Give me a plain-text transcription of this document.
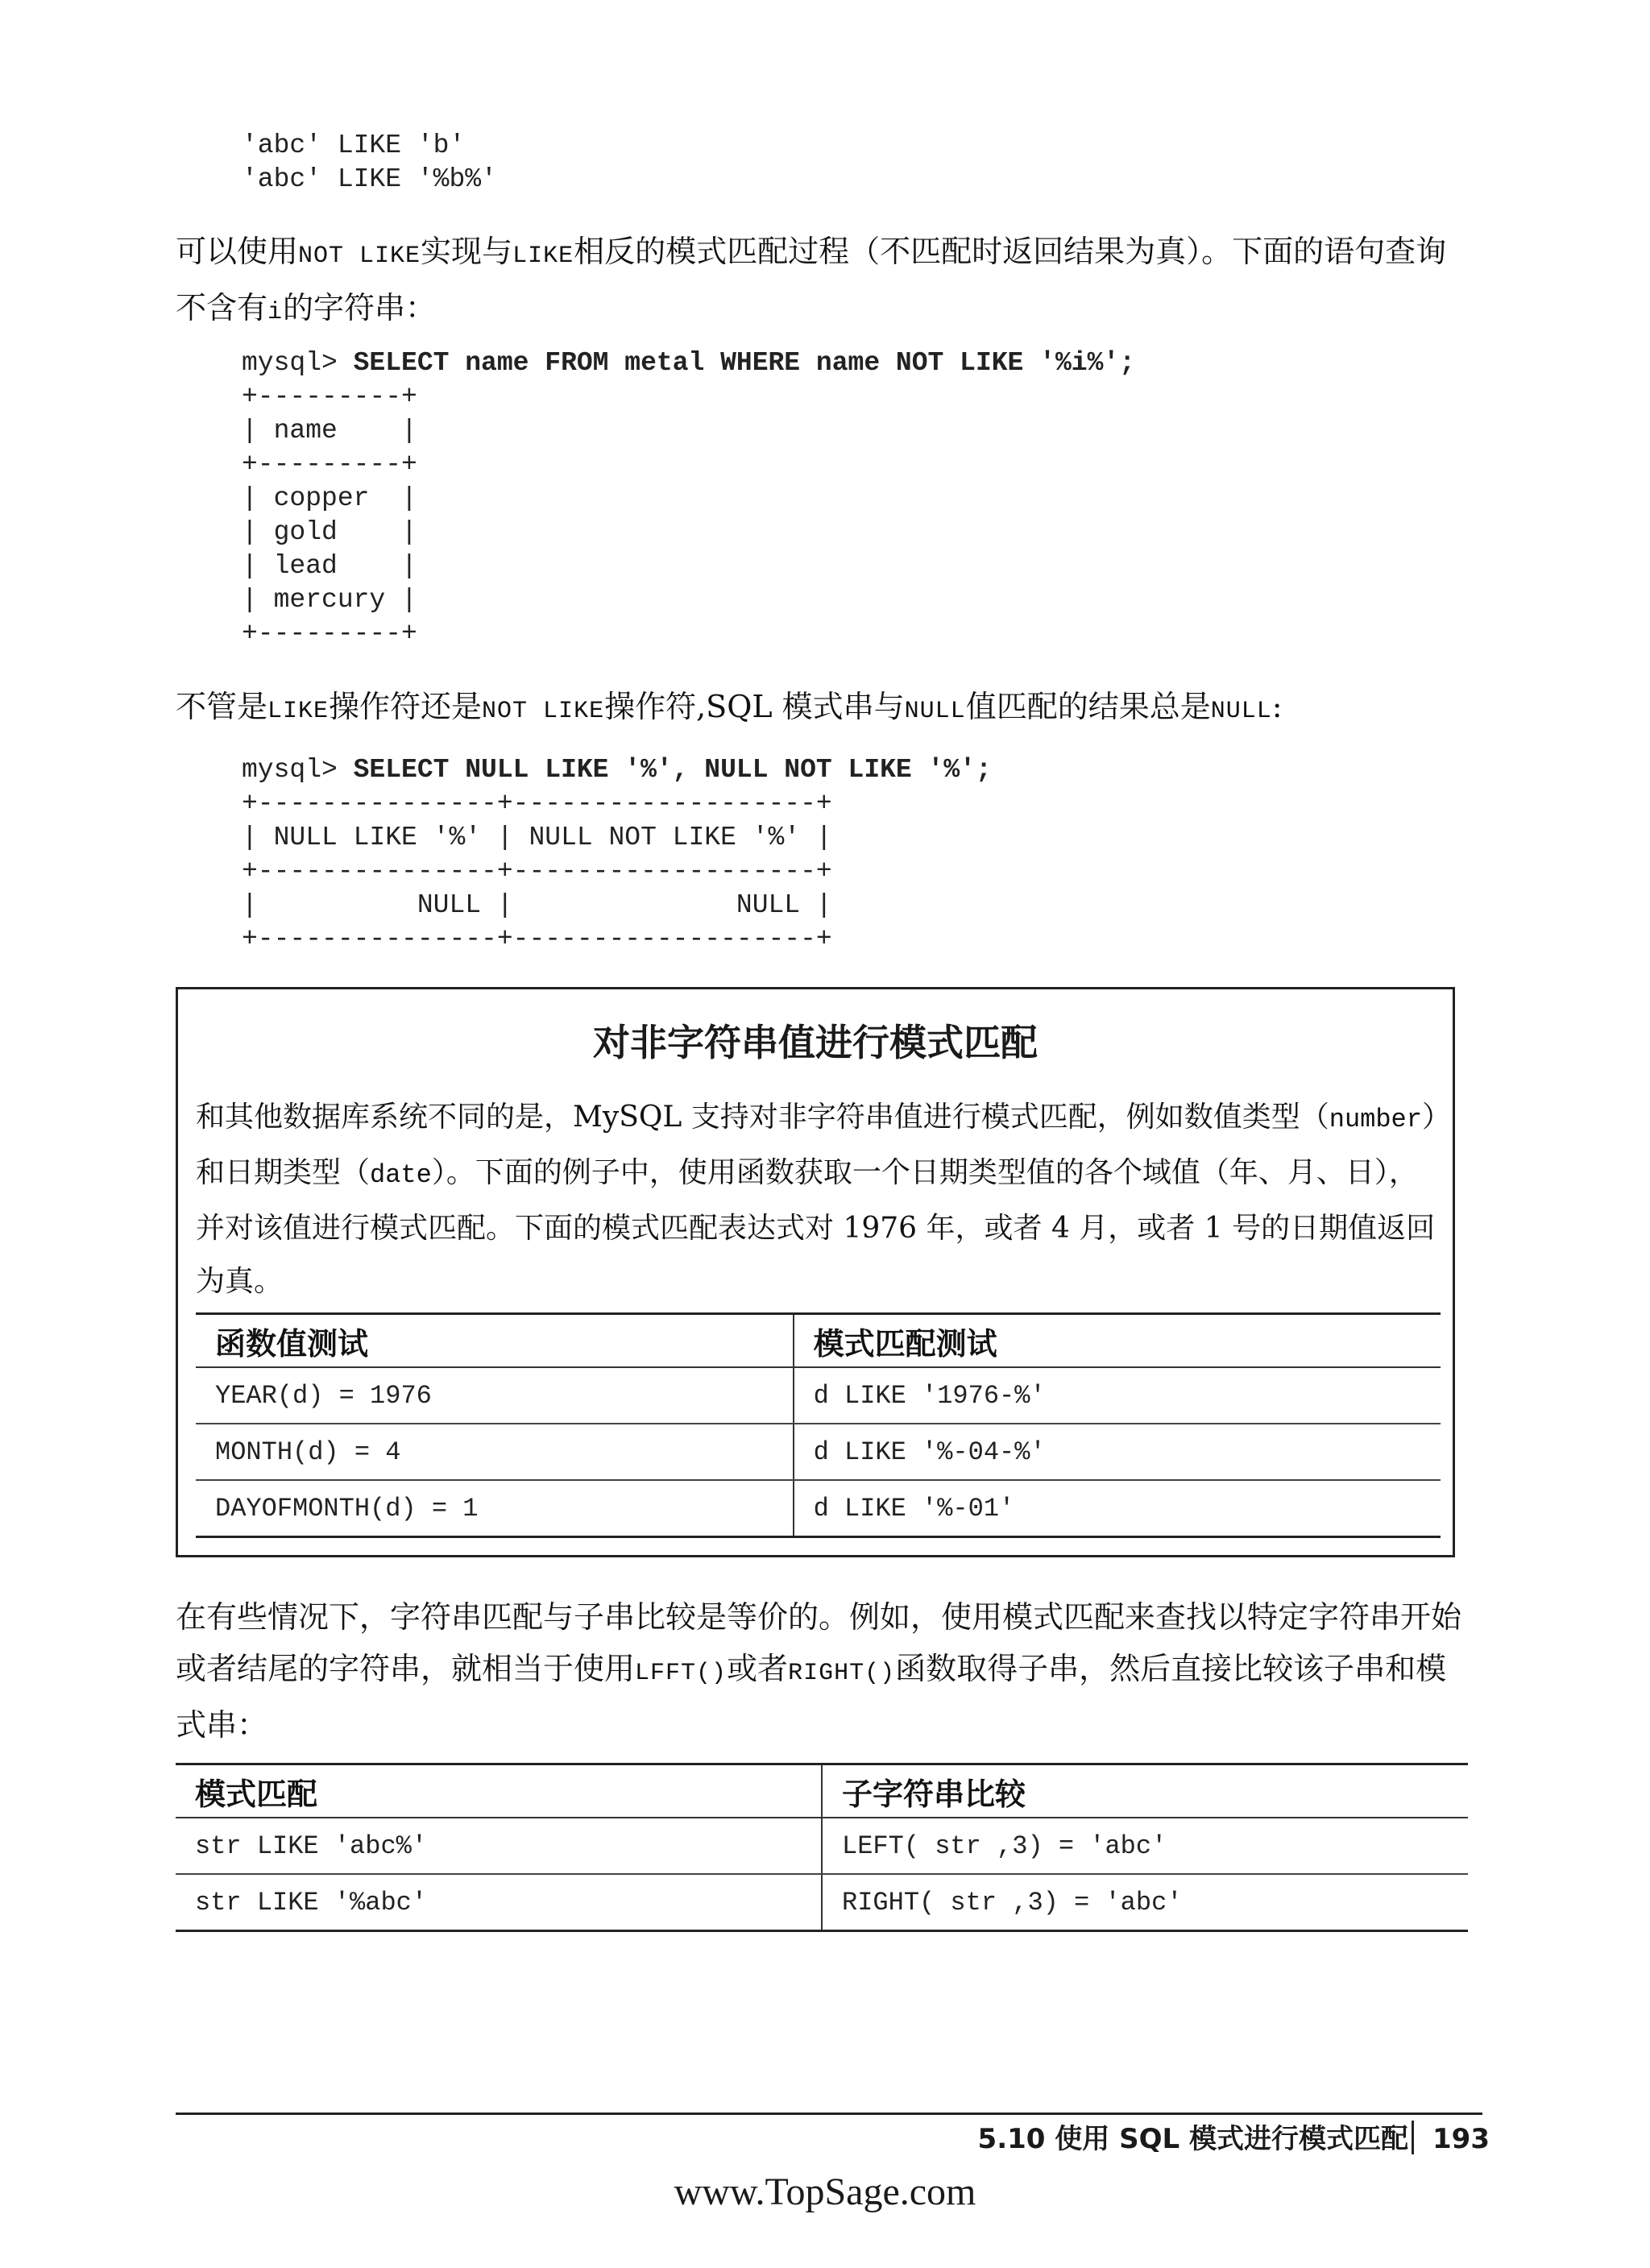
'abc' LIKE 'b'
'abc' LIKE '%b%'
可以使用NOT LIKE实现与LIKE相反的模式匹配过程（不匹配时返回结果为真）。下面的语句查询不含有i的字符串：
mysql> SELECT name FROM metal WHERE name NOT LIKE '%i%';
+---------+
| name    |
+---------+
| copper  |
| gold    |
| lead    |
| mercury |
+---------+
不管是LIKE操作符还是NOT LIKE操作符,SQL 模式串与NULL值匹配的结果总是NULL:
mysql> SELECT NULL LIKE '%', NULL NOT LIKE '%';
+---------------+-------------------+
| NULL LIKE '%' | NULL NOT LIKE '%' |
+---------------+-------------------+
|          NULL |              NULL |
+---------------+-------------------+
对非字符串值进行模式匹配
和其他数据库系统不同的是，MySQL 支持对非字符串值进行模式匹配，例如数值类型（number）和日期类型（date）。下面的例子中，使用函数获取一个日期类型值的各个域值（年、月、日），并对该值进行模式匹配。下面的模式匹配表达式对 1976 年，或者 4 月，或者 1 号的日期值返回为真。
函数值测试	模式匹配测试
YEAR(d) = 1976	d LIKE '1976-%'
MONTH(d) = 4	d LIKE '%-04-%'
DAYOFMONTH(d) = 1	d LIKE '%-01'
在有些情况下，字符串匹配与子串比较是等价的。例如，使用模式匹配来查找以特定字符串开始或者结尾的字符串，就相当于使用LFFT()或者RIGHT()函数取得子串，然后直接比较该子串和模式串：
模式匹配	子字符串比较
str LIKE 'abc%'	LEFT( str ,3) = 'abc'
str LIKE '%abc'	RIGHT( str ,3) = 'abc'
5.10 使用 SQL 模式进行模式匹配 193
www.TopSage.com
